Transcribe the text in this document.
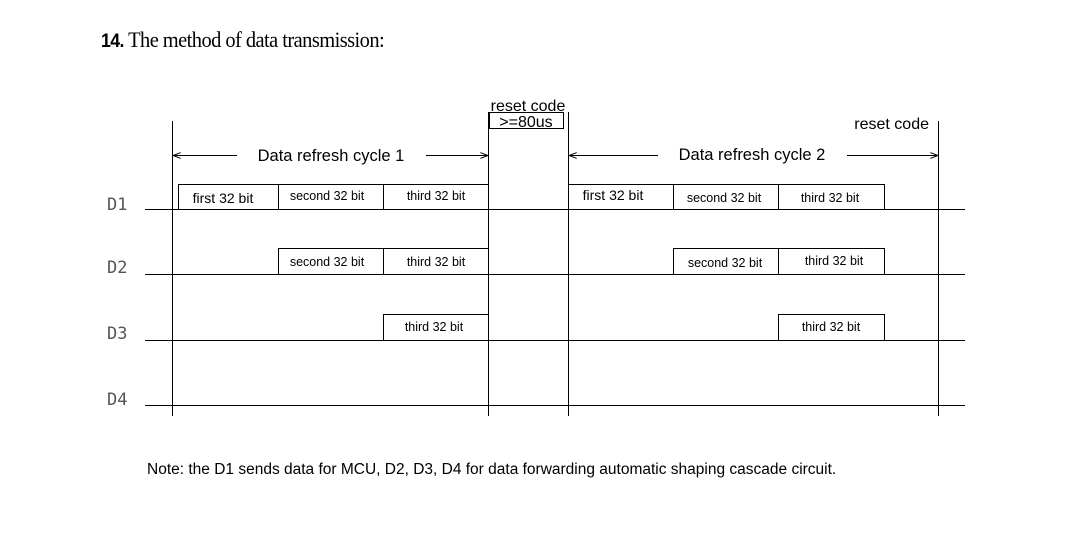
14. The method of data transmission:
reset code
>=80us	reset code
Data refresh cycle 1	Data refresh cycle 2
D1
D2
D3
D4
first 32 bit	second 32 bit	third 32 bit	first 32 bit	second 32 bit	third 32 bit
second 32 bit	third 32 bit	second 32 bit	third 32 bit
third 32 bit	third 32 bit
Note: the D1 sends data for MCU, D2, D3, D4 for data forwarding automatic shaping cascade circuit.
